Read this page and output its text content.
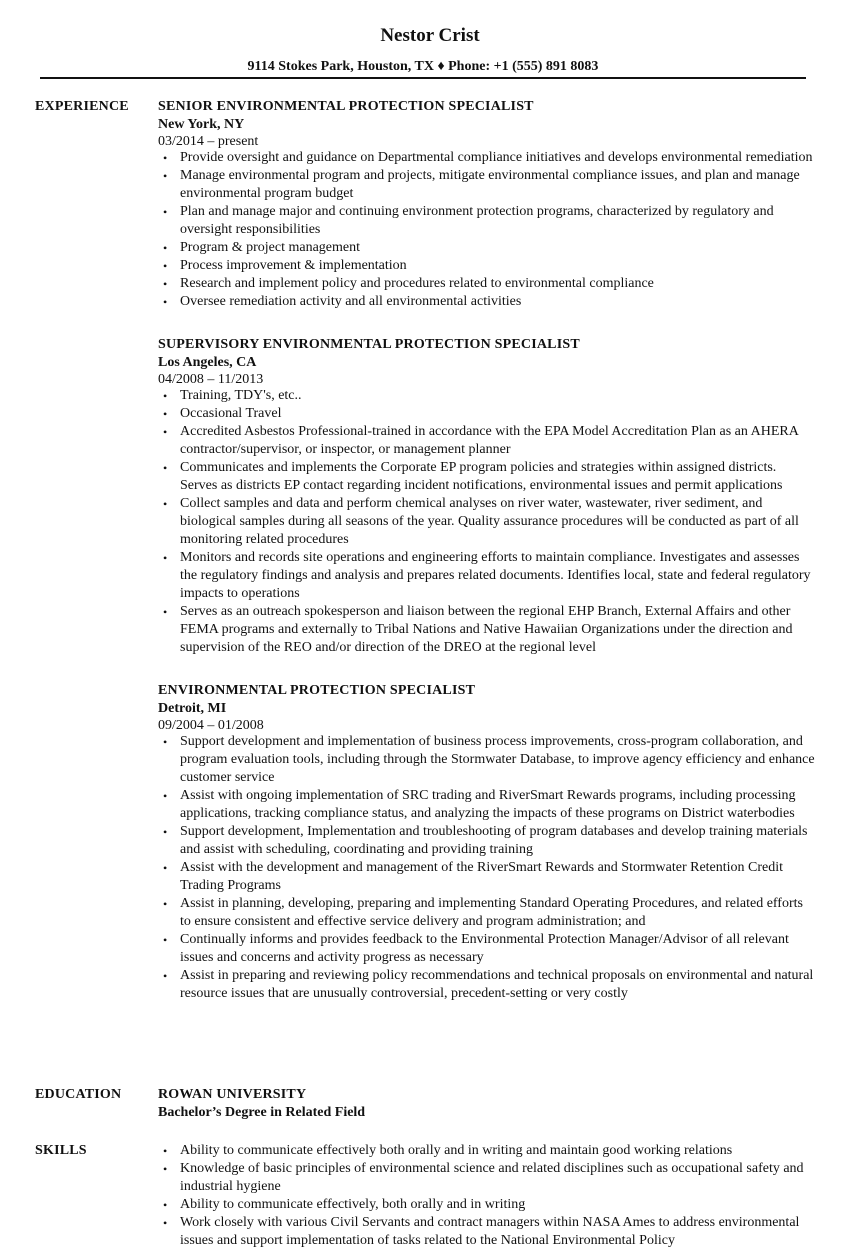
Nestor Crist
9114 Stokes Park, Houston, TX ♦ Phone: +1 (555) 891 8083
EXPERIENCE SENIOR ENVIRONMENTAL PROTECTION SPECIALIST
New York, NY
03/2014 – present
• Provide oversight and guidance on Departmental compliance initiatives and develops environmental remediation
• Manage environmental program and projects, mitigate environmental compliance issues, and plan and manage environmental program budget
• Plan and manage major and continuing environment protection programs, characterized by regulatory and oversight responsibilities
• Program & project management
• Process improvement & implementation
• Research and implement policy and procedures related to environmental compliance
• Oversee remediation activity and all environmental activities
SUPERVISORY ENVIRONMENTAL PROTECTION SPECIALIST
Los Angeles, CA
04/2008 – 11/2013
• Training, TDY's, etc..
• Occasional Travel
• Accredited Asbestos Professional-trained in accordance with the EPA Model Accreditation Plan as an AHERA contractor/supervisor, or inspector, or management planner
• Communicates and implements the Corporate EP program policies and strategies within assigned districts. Serves as districts EP contact regarding incident notifications, environmental issues and permit applications
• Collect samples and data and perform chemical analyses on river water, wastewater, river sediment, and biological samples during all seasons of the year. Quality assurance procedures will be conducted as part of all monitoring related procedures
• Monitors and records site operations and engineering efforts to maintain compliance. Investigates and assesses the regulatory findings and analysis and prepares related documents. Identifies local, state and federal regulatory impacts to operations
• Serves as an outreach spokesperson and liaison between the regional EHP Branch, External Affairs and other FEMA programs and externally to Tribal Nations and Native Hawaiian Organizations under the direction and supervision of the REO and/or direction of the DREO at the regional level
ENVIRONMENTAL PROTECTION SPECIALIST
Detroit, MI
09/2004 – 01/2008
• Support development and implementation of business process improvements, cross-program collaboration, and program evaluation tools, including through the Stormwater Database, to improve agency efficiency and enhance customer service
• Assist with ongoing implementation of SRC trading and RiverSmart Rewards programs, including processing applications, tracking compliance status, and analyzing the impacts of these programs on District waterbodies
• Support development, Implementation and troubleshooting of program databases and develop training materials and assist with scheduling, coordinating and providing training
• Assist with the development and management of the RiverSmart Rewards and Stormwater Retention Credit Trading Programs
• Assist in planning, developing, preparing and implementing Standard Operating Procedures, and related efforts to ensure consistent and effective service delivery and program administration; and
• Continually informs and provides feedback to the Environmental Protection Manager/Advisor of all relevant issues and concerns and activity progress as necessary
• Assist in preparing and reviewing policy recommendations and technical proposals on environmental and natural resource issues that are unusually controversial, precedent-setting or very costly
EDUCATION	ROWAN UNIVERSITY
Bachelor’s Degree in Related Field
SKILLS	• Ability to communicate effectively both orally and in writing and maintain good working relations
• Knowledge of basic principles of environmental science and related disciplines such as occupational safety and industrial hygiene
• Ability to communicate effectively, both orally and in writing
• Work closely with various Civil Servants and contract managers within NASA Ames to address environmental issues and support implementation of tasks related to the National Environmental Policy
